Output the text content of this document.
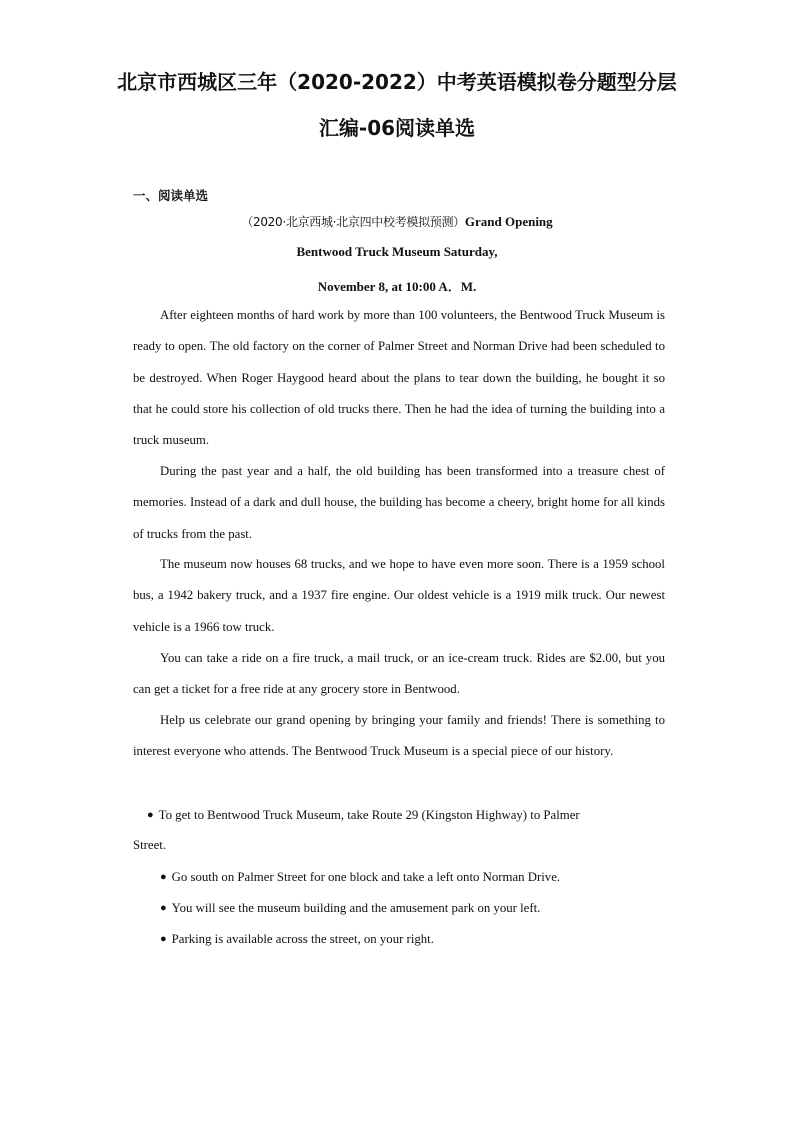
北京市西城区三年（2020-2022）中考英语模拟卷分题型分层
汇编-06阅读单选
一、阅读单选
（2020·北京西城·北京四中校考模拟预测）Grand Opening
Bentwood Truck Museum Saturday,
November 8, at 10:00 A．M.

After eighteen months of hard work by more than 100 volunteers, the Bentwood Truck Museum is ready to open. The old factory on the corner of Palmer Street and Norman Drive had been scheduled to be destroyed. When Roger Haygood heard about the plans to tear down the building, he bought it so that he could store his collection of old trucks there. Then he had the idea of turning the building into a truck museum.

During the past year and a half, the old building has been transformed into a treasure chest of memories. Instead of a dark and dull house, the building has become a cheery, bright home for all kinds of trucks from the past.

The museum now houses 68 trucks, and we hope to have even more soon. There is a 1959 school bus, a 1942 bakery truck, and a 1937 fire engine. Our oldest vehicle is a 1919 milk truck. Our newest vehicle is a 1966 tow truck.

You can take a ride on a fire truck, a mail truck, or an ice-cream truck. Rides are $2.00, but you can get a ticket for a free ride at any grocery store in Bentwood.

Help us celebrate our grand opening by bringing your family and friends! There is something to interest everyone who attends. The Bentwood Truck Museum is a special piece of our history.

● To get to Bentwood Truck Museum, take Route 29 (Kingston Highway) to Palmer

Street.

● Go south on Palmer Street for one block and take a left onto Norman Drive.

● You will see the museum building and the amusement park on your left.

● Parking is available across the street, on your right.
